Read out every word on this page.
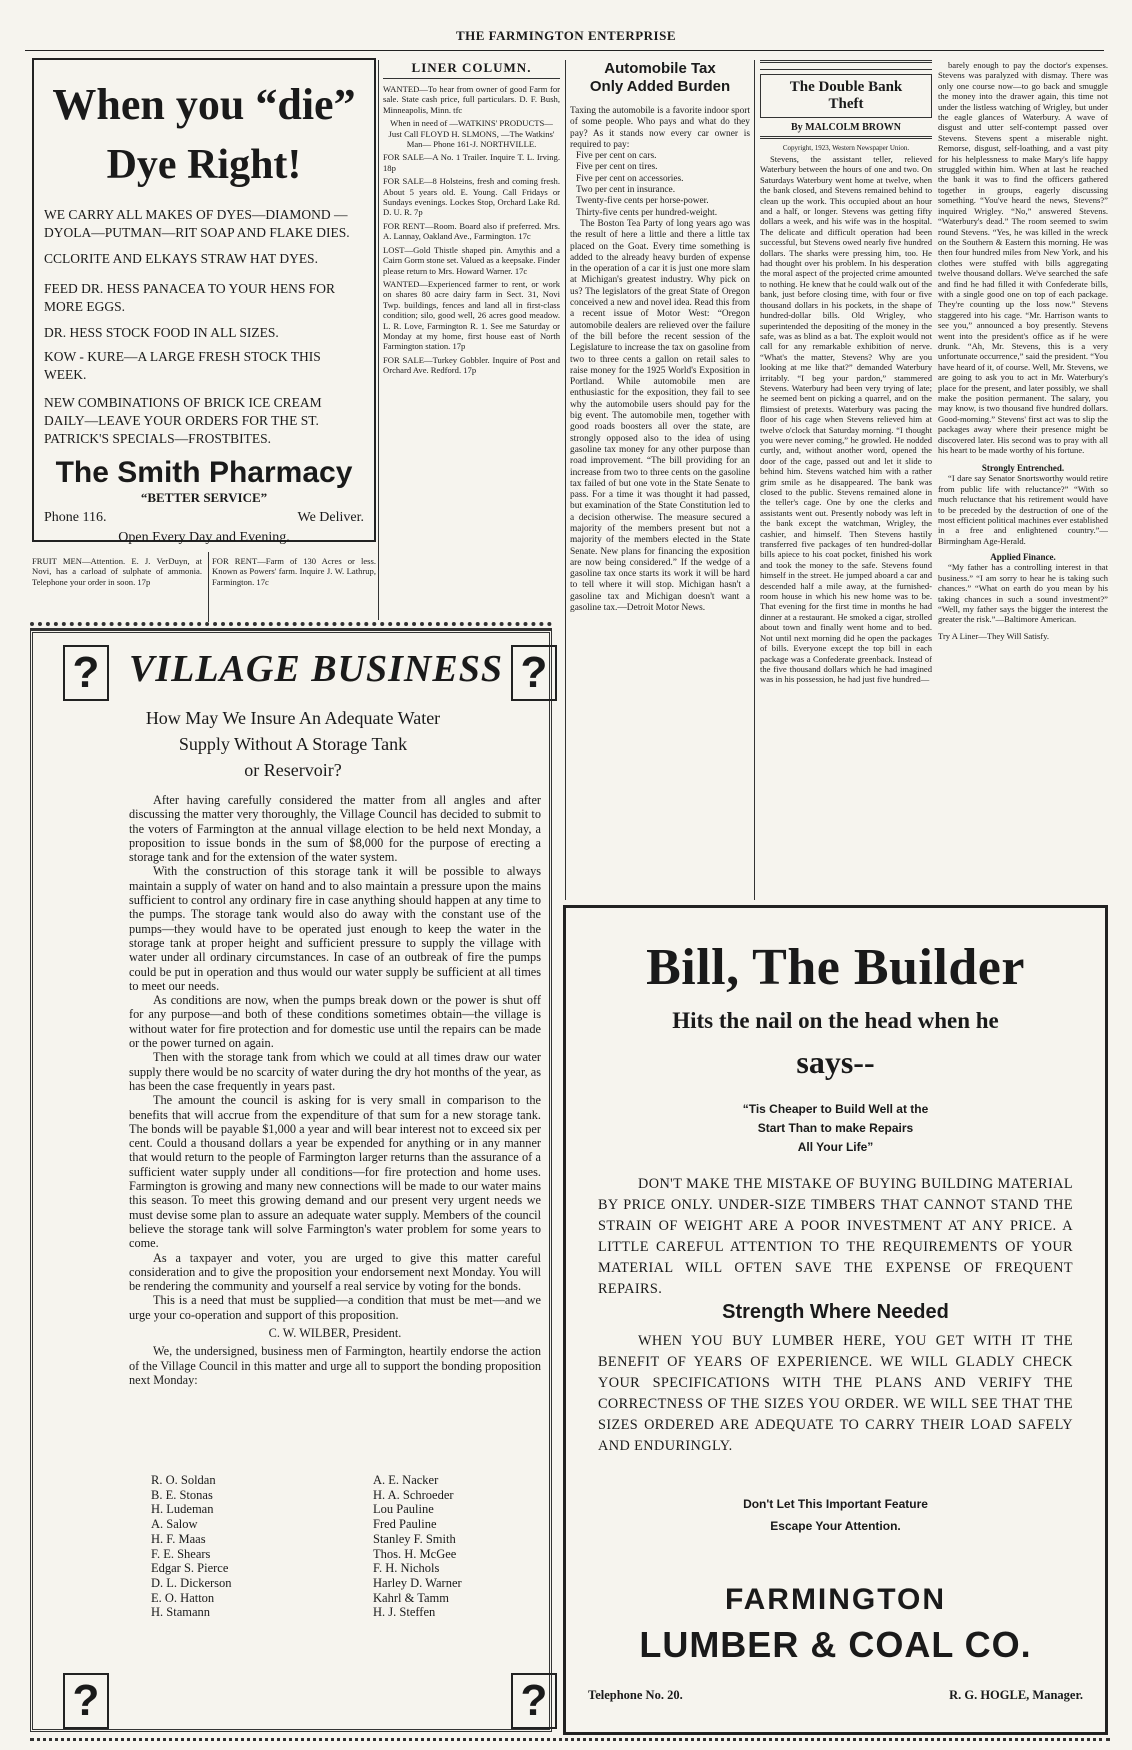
THE FARMINGTON ENTERPRISE
When you “die”
Dye Right!
WE CARRY ALL MAKES OF DYES—DIAMOND —DYOLA—PUTMAN—RIT SOAP AND FLAKE DIES.
CCLORITE AND ELKAYS STRAW HAT DYES.
FEED DR. HESS PANACEA TO YOUR HENS FOR MORE EGGS.
DR. HESS STOCK FOOD IN ALL SIZES.
KOW - KURE—A LARGE FRESH STOCK THIS WEEK.
NEW COMBINATIONS OF BRICK ICE CREAM DAILY—LEAVE YOUR ORDERS FOR THE ST. PATRICK'S SPECIALS—FROSTBITES.
The Smith Pharmacy
“BETTER SERVICE”
Phone 116.	We Deliver.
Open Every Day and Evening.
FRUIT MEN—Attention. E. J. VerDuyn, at Novi, has a carload of sulphate of ammonia. Telephone your order in soon. 17p
FOR RENT—Farm of 130 Acres or less. Known as Powers' farm. Inquire J. W. Lathrup, Farmington. 17c
LINER COLUMN.
WANTED—To hear from owner of good Farm for sale. State cash price, full particulars. D. F. Bush, Minneapolis, Minn. tfc
When in need of —WATKINS' PRODUCTS— Just Call FLOYD H. SLMONS, —The Watkins' Man— Phone 161-J. NORTHVILLE.
FOR SALE—A No. 1 Trailer. Inquire T. L. Irving. 18p
FOR SALE—8 Holsteins, fresh and coming fresh. About 5 years old. E. Young. Call Fridays or Sundays evenings. Lockes Stop, Orchard Lake Rd. D. U. R. 7p
FOR RENT—Room. Board also if preferred. Mrs. A. Lannay, Oakland Ave., Farmington. 17c
LOST—Gold Thistle shaped pin. Amythis and a Cairn Gorm stone set. Valued as a keepsake. Finder please return to Mrs. Howard Warner. 17c
WANTED—Experienced farmer to rent, or work on shares 80 acre dairy farm in Sect. 31, Novi Twp. buildings, fences and land all in first-class condition; silo, good well, 26 acres good meadow. L. R. Love, Farmington R. 1. See me Saturday or Monday at my home, first house east of North Farmington station. 17p
FOR SALE—Turkey Gobbler. Inquire of Post and Orchard Ave. Redford. 17p
Automobile Tax
Only Added Burden
Taxing the automobile is a favorite indoor sport of some people. Who pays and what do they pay? As it stands now every car owner is required to pay:
Five per cent on cars.
Five per cent on tires.
Five per cent on accessories.
Two per cent in insurance.
Twenty-five cents per horse-power.
Thirty-five cents per hundred-weight.
The Boston Tea Party of long years ago was the result of here a little and there a little tax placed on the Goat. Every time something is added to the already heavy burden of expense in the operation of a car it is just one more slam at Michigan's greatest industry. Why pick on us? The legislators of the great State of Oregon conceived a new and novel idea. Read this from a recent issue of Motor West: “Oregon automobile dealers are relieved over the failure of the bill before the recent session of the Legislature to increase the tax on gasoline from two to three cents a gallon on retail sales to raise money for the 1925 World's Exposition in Portland. While automobile men are enthusiastic for the exposition, they fail to see why the automobile users should pay for the big event. The automobile men, together with good roads boosters all over the state, are strongly opposed also to the idea of using gasoline tax money for any other purpose than road improvement. “The bill providing for an increase from two to three cents on the gasoline tax failed of but one vote in the State Senate to pass. For a time it was thought it had passed, but examination of the State Constitution led to a decision otherwise. The measure secured a majority of the members present but not a majority of the members elected in the State Senate. New plans for financing the exposition are now being considered.” If the wedge of a gasoline tax once starts its work it will be hard to tell where it will stop. Michigan hasn't a gasoline tax and Michigan doesn't want a gasoline tax.—Detroit Motor News.
The Double Bank
Theft
By MALCOLM BROWN
Copyright, 1923, Western Newspaper Union.
Stevens, the assistant teller, relieved Waterbury between the hours of one and two. On Saturdays Waterbury went home at twelve, when the bank closed, and Stevens remained behind to clean up the work. This occupied about an hour and a half, or longer. Stevens was getting fifty dollars a week, and his wife was in the hospital. The delicate and difficult operation had been successful, but Stevens owed nearly five hundred dollars. The sharks were pressing him, too. He had thought over his problem. In his desperation the moral aspect of the projected crime amounted to nothing. He knew that he could walk out of the bank, just before closing time, with four or five thousand dollars in his pockets, in the shape of hundred-dollar bills. Old Wrigley, who superintended the depositing of the money in the safe, was as blind as a bat. The exploit would not call for any remarkable exhibition of nerve. “What's the matter, Stevens? Why are you looking at me like that?” demanded Waterbury irritably. “I beg your pardon,” stammered Stevens. Waterbury had been very trying of late; he seemed bent on picking a quarrel, and on the flimsiest of pretexts. Waterbury was pacing the floor of his cage when Stevens relieved him at twelve o'clock that Saturday morning. “I thought you were never coming,” he growled. He nodded curtly, and, without another word, opened the door of the cage, passed out and let it slide to behind him. Stevens watched him with a rather grim smile as he disappeared. The bank was closed to the public. Stevens remained alone in the teller's cage. One by one the clerks and assistants went out. Presently nobody was left in the bank except the watchman, Wrigley, the cashier, and himself. Then Stevens hastily transferred five packages of ten hundred-dollar bills apiece to his coat pocket, finished his work and took the money to the safe. Stevens found himself in the street. He jumped aboard a car and descended half a mile away, at the furnished-room house in which his new home was to be. That evening for the first time in months he had dinner at a restaurant. He smoked a cigar, strolled about town and finally went home and to bed. Not until next morning did he open the packages of bills. Everyone except the top bill in each package was a Confederate greenback. Instead of the five thousand dollars which he had imagined was in his possession, he had just five hundred—
barely enough to pay the doctor's expenses. Stevens was paralyzed with dismay. There was only one course now—to go back and smuggle the money into the drawer again, this time not under the listless watching of Wrigley, but under the eagle glances of Waterbury. A wave of disgust and utter self-contempt passed over Stevens. Stevens spent a miserable night. Remorse, disgust, self-loathing, and a vast pity for his helplessness to make Mary's life happy struggled within him. When at last he reached the bank it was to find the officers gathered together in groups, eagerly discussing something. “You've heard the news, Stevens?” inquired Wrigley. “No,” answered Stevens. “Waterbury's dead.” The room seemed to swim round Stevens. “Yes, he was killed in the wreck on the Southern & Eastern this morning. He was then four hundred miles from New York, and his clothes were stuffed with bills aggregating twelve thousand dollars. We've searched the safe and find he had filled it with Confederate bills, with a single good one on top of each package. They're counting up the loss now.” Stevens staggered into his cage. “Mr. Harrison wants to see you,” announced a boy presently. Stevens went into the president's office as if he were drunk. “Ah, Mr. Stevens, this is a very unfortunate occurrence,” said the president. “You have heard of it, of course. Well, Mr. Stevens, we are going to ask you to act in Mr. Waterbury's place for the present, and later possibly, we shall make the position permanent. The salary, you may know, is two thousand five hundred dollars. Good-morning.” Stevens' first act was to slip the packages away where their presence might be discovered later. His second was to pray with all his heart to be made worthy of his fortune.
Strongly Entrenched.
“I dare say Senator Snortsworthy would retire from public life with reluctance?” “With so much reluctance that his retirement would have to be preceded by the destruction of one of the most efficient political machines ever established in a free and enlightened country.”—Birmingham Age-Herald.
Applied Finance.
“My father has a controlling interest in that business.” “I am sorry to hear he is taking such chances.” “What on earth do you mean by his taking chances in such a sound investment?” “Well, my father says the bigger the interest the greater the risk.”—Baltimore American.
Try A Liner—They Will Satisfy.
?	?
VILLAGE BUSINESS
How May We Insure An Adequate Water
Supply Without A Storage Tank
or Reservoir?

After having carefully considered the matter from all angles and after discussing the matter very thoroughly, the Village Council has decided to submit to the voters of Farmington at the annual village election to be held next Monday, a proposition to issue bonds in the sum of $8,000 for the purpose of erecting a storage tank and for the extension of the water system.

With the construction of this storage tank it will be possible to always maintain a supply of water on hand and to also maintain a pressure upon the mains sufficient to control any ordinary fire in case anything should happen at any time to the pumps. The storage tank would also do away with the constant use of the pumps—they would have to be operated just enough to keep the water in the storage tank at proper height and sufficient pressure to supply the village with water under all ordinary circumstances. In case of an outbreak of fire the pumps could be put in operation and thus would our water supply be sufficient at all times to meet our needs.

As conditions are now, when the pumps break down or the power is shut off for any purpose—and both of these conditions sometimes obtain—the village is without water for fire protection and for domestic use until the repairs can be made or the power turned on again.

Then with the storage tank from which we could at all times draw our water supply there would be no scarcity of water during the dry hot months of the year, as has been the case frequently in years past.

The amount the council is asking for is very small in comparison to the benefits that will accrue from the expenditure of that sum for a new storage tank. The bonds will be payable $1,000 a year and will bear interest not to exceed six per cent. Could a thousand dollars a year be expended for anything or in any manner that would return to the people of Farmington larger returns than the assurance of a sufficient water supply under all conditions—for fire protection and home uses. Farmington is growing and many new connections will be made to our water mains this season. To meet this growing demand and our present very urgent needs we must devise some plan to assure an adequate water supply. Members of the council believe the storage tank will solve Farmington's water problem for some years to come.

As a taxpayer and voter, you are urged to give this matter careful consideration and to give the proposition your endorsement next Monday. You will be rendering the community and yourself a real service by voting for the bonds.

This is a need that must be supplied—a condition that must be met—and we urge your co-operation and support of this proposition.

C. W. WILBER, President.

We, the undersigned, business men of Farmington, heartily endorse the action of the Village Council in this matter and urge all to support the bonding proposition next Monday:

R. O. Soldan
B. E. Stonas
H. Ludeman
A. Salow
H. F. Maas
F. E. Shears
Edgar S. Pierce
D. L. Dickerson
E. O. Hatton
H. Stamann
A. E. Nacker
H. A. Schroeder
Lou Pauline
Fred Pauline
Stanley F. Smith
Thos. H. McGee
F. H. Nichols
Harley D. Warner
Kahrl & Tamm
H. J. Steffen
?	?
Bill, The Builder
Hits the nail on the head when he
says--
“Tis Cheaper to Build Well at the
Start Than to make Repairs
All Your Life”
DON'T MAKE THE MISTAKE OF BUYING BUILDING MATERIAL BY PRICE ONLY. UNDER-SIZE TIMBERS THAT CANNOT STAND THE STRAIN OF WEIGHT ARE A POOR INVESTMENT AT ANY PRICE. A LITTLE CAREFUL ATTENTION TO THE REQUIREMENTS OF YOUR MATERIAL WILL OFTEN SAVE THE EXPENSE OF FREQUENT REPAIRS.
Strength Where Needed
WHEN YOU BUY LUMBER HERE, YOU GET WITH IT THE BENEFIT OF YEARS OF EXPERIENCE. WE WILL GLADLY CHECK YOUR SPECIFICATIONS WITH THE PLANS AND VERIFY THE CORRECTNESS OF THE SIZES YOU ORDER. WE WILL SEE THAT THE SIZES ORDERED ARE ADEQUATE TO CARRY THEIR LOAD SAFELY AND ENDURINGLY.
Don't Let This Important Feature
Escape Your Attention.
FARMINGTON
LUMBER & COAL CO.
Telephone No. 20.	R. G. HOGLE, Manager.
